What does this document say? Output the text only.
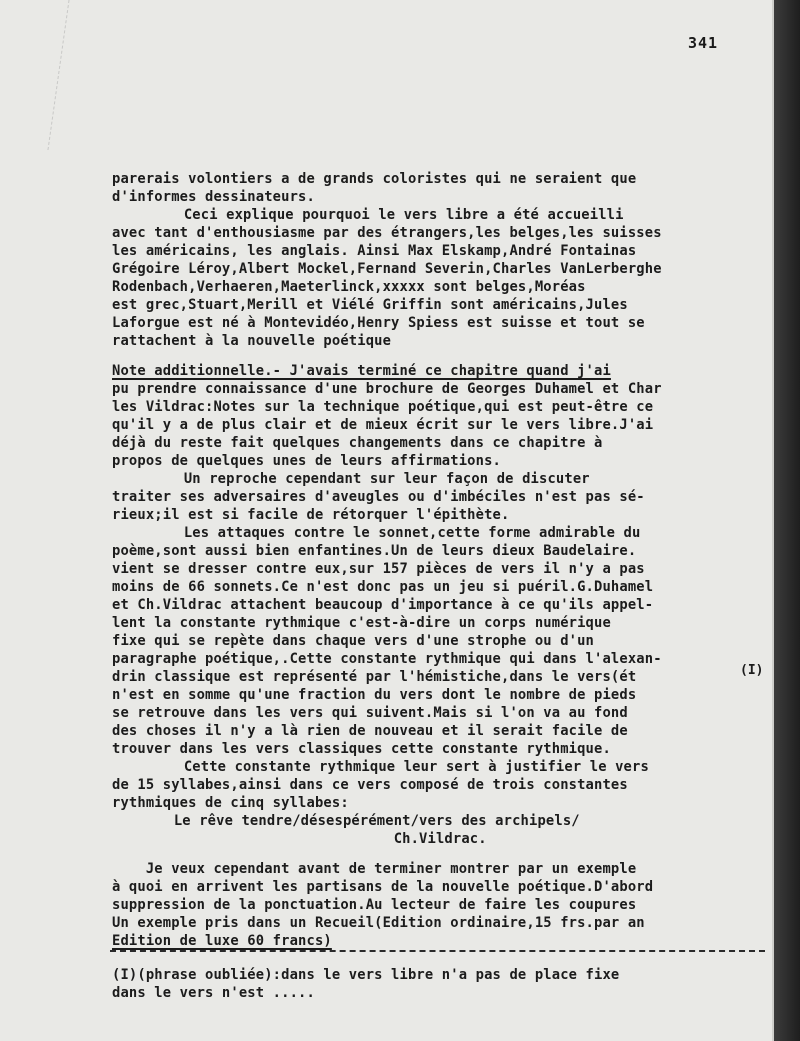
341
parerais volontiers a de grands coloristes qui ne seraient que
d'informes dessinateurs.
Ceci explique pourquoi le vers libre a été accueilli
avec tant d'enthousiasme par des étrangers,les belges,les suisses
les américains, les anglais. Ainsi Max Elskamp,André Fontainas
Grégoire Léroy,Albert Mockel,Fernand Severin,Charles VanLerberghe
Rodenbach,Verhaeren,Maeterlinck,xxxxx sont belges,Moréas
est grec,Stuart,Merill et Viélé Griffin sont américains,Jules
Laforgue est né à Montevidéo,Henry Spiess est suisse et tout se
rattachent à la nouvelle poétique
Note additionnelle.- J'avais terminé ce chapitre quand j'ai
pu prendre connaissance d'une brochure de Georges Duhamel et Char
les Vildrac:Notes sur la technique poétique,qui est peut-être ce
qu'il y a de plus clair et de mieux écrit sur le vers libre.J'ai
déjà du reste fait quelques changements dans ce chapitre à
propos de quelques unes de leurs affirmations.
Un reproche cependant sur leur façon de discuter
traiter ses adversaires d'aveugles ou d'imbéciles n'est pas sé-
rieux;il est si facile de rétorquer l'épithète.
Les attaques contre le sonnet,cette forme admirable du
poème,sont aussi bien enfantines.Un de leurs dieux Baudelaire.
vient se dresser contre eux,sur 157 pièces de vers il n'y a pas
moins de 66 sonnets.Ce n'est donc pas un jeu si puéril.G.Duhamel
et Ch.Vildrac attachent beaucoup d'importance à ce qu'ils appel-
lent la constante rythmique c'est-à-dire un corps numérique
fixe qui se repète dans chaque vers d'une strophe ou d'un
paragraphe poétique,.Cette constante rythmique qui dans l'alexan-
drin classique est représenté par l'hémistiche,dans le vers(ét
n'est en somme qu'une fraction du vers dont le nombre de pieds
se retrouve dans les vers qui suivent.Mais si l'on va au fond
des choses il n'y a là rien de nouveau et il serait facile de
trouver dans les vers classiques cette constante rythmique.
Cette constante rythmique leur sert à justifier le vers
de 15 syllabes,ainsi dans ce vers composé de trois constantes
rythmiques de cinq syllabes:
Le rêve tendre/désespérément/vers des archipels/
Ch.Vildrac.
Je veux cependant avant de terminer montrer par un exemple
à quoi en arrivent les partisans de la nouvelle poétique.D'abord
suppression de la ponctuation.Au lecteur de faire les coupures
Un exemple pris dans un Recueil(Edition ordinaire,15 frs.par an
Edition de luxe 60 francs)
(I)(phrase oubliée):dans le vers libre n'a pas de place fixe
dans le vers n'est .....
(I)
